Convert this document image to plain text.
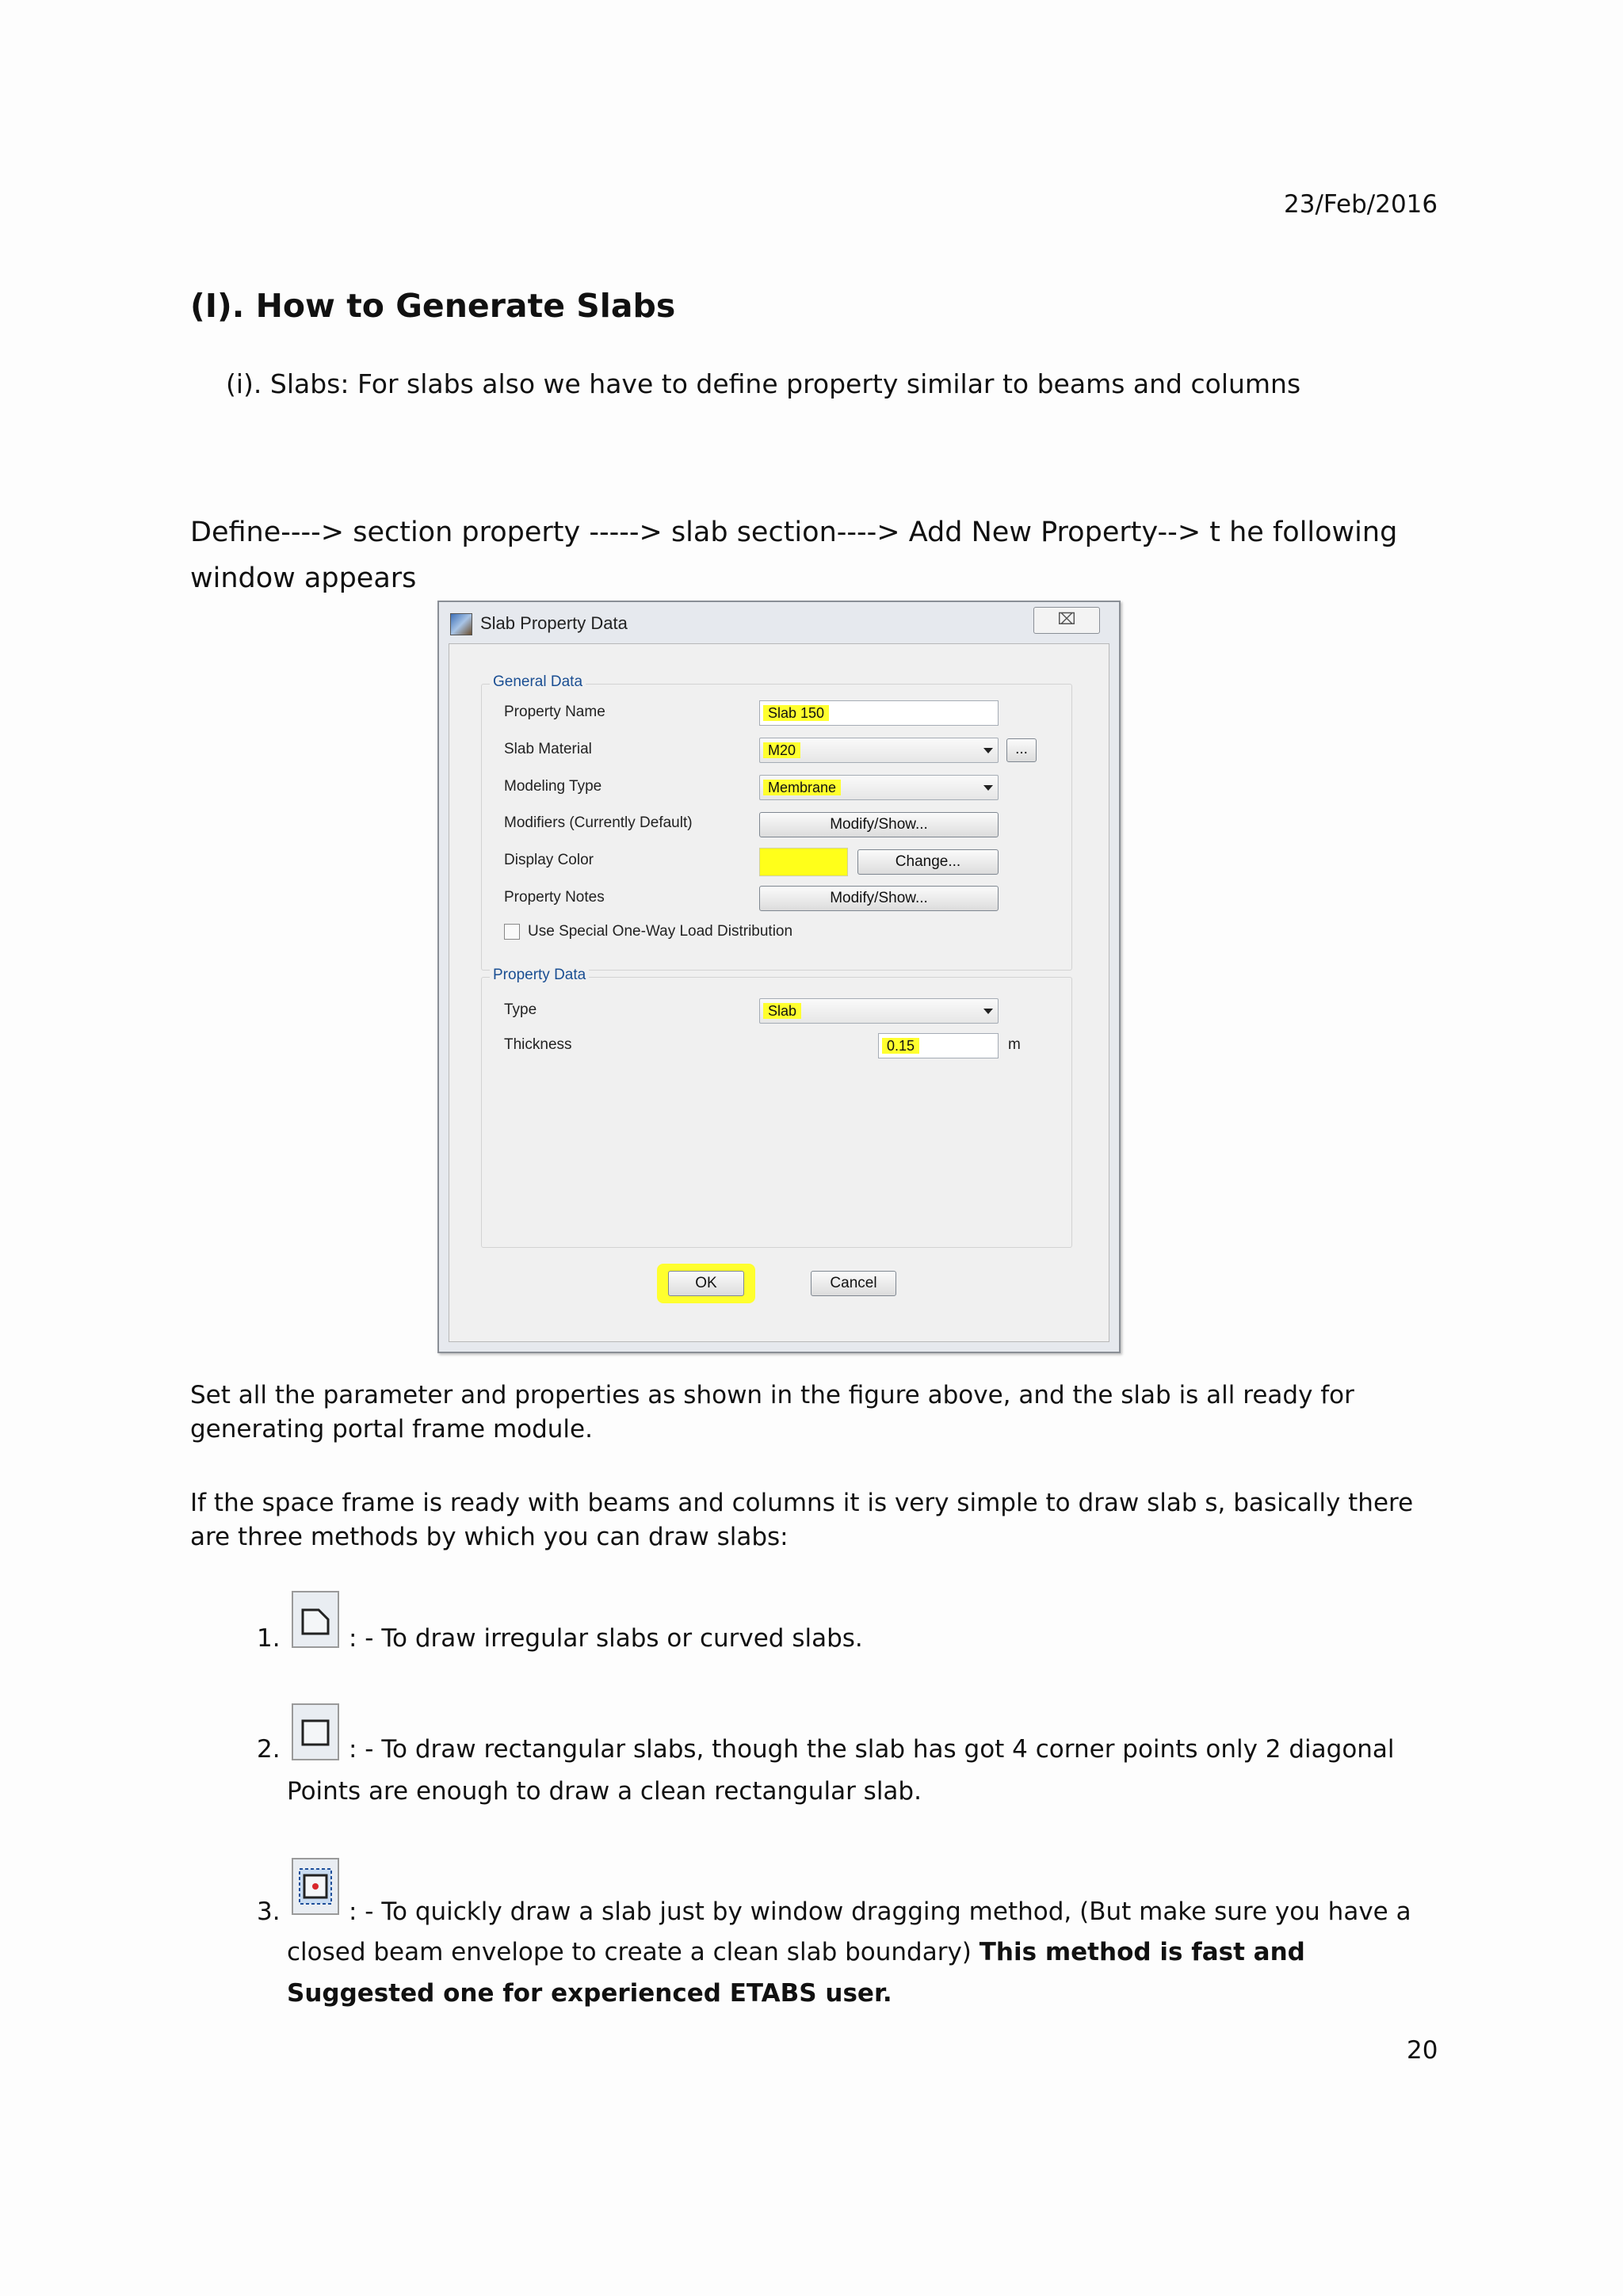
23/Feb/2016
(I). How to Generate Slabs
(i). Slabs: For slabs also we have to define property similar to beams and columns
Define----> section property -----> slab section----> Add New Property--> t he following window appears
Slab Property Data	⌧
General Data
Property Name	Slab 150
Slab Material	M20	...
Modeling Type	Membrane
Modifiers (Currently Default)	Modify/Show...
Display Color	Change...
Property Notes	Modify/Show...
Use Special One-Way Load Distribution
Property Data
Type	Slab
Thickness	0.15	m
OK	Cancel
Set all the parameter and properties as shown in the figure above, and the slab is all ready for generating portal frame module.
If the space frame is ready with beams and columns it is very simple to draw slab s, basically there are three methods by which you can draw slabs:
1.	: - To draw irregular slabs or curved slabs.
2.	: - To draw rectangular slabs, though the slab has got 4 corner points only 2 diagonal
Points are enough to draw a clean rectangular slab.
3.	: - To quickly draw a slab just by window dragging method, (But make sure you have a
closed beam envelope to create a clean slab boundary) This method is fast and
Suggested one for experienced ETABS user.
20
